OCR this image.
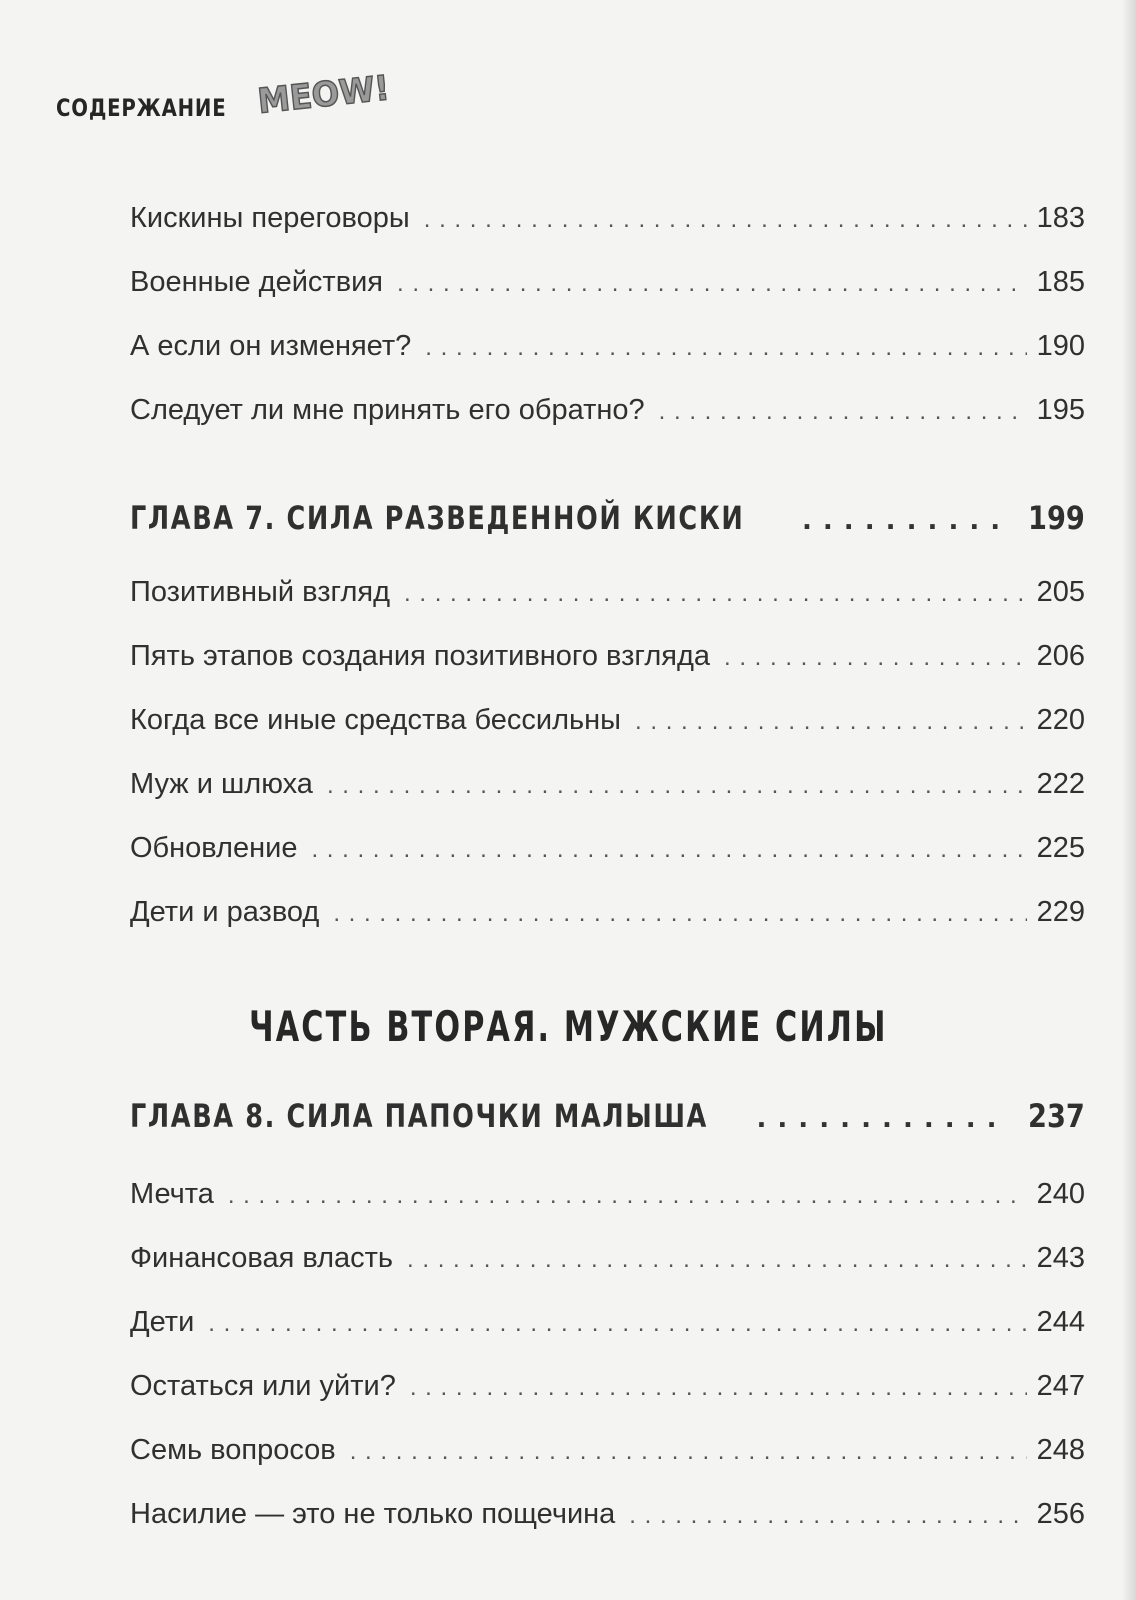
СОДЕРЖАНИЕ MEOW!
Кискины переговоры . . .	183
Военные действия . . .	185
А если он изменяет? . . .	190
Следует ли мне принять его обратно? . . .	195
ГЛАВА 7. СИЛА РАЗВЕДЕННОЙ КИСКИ . . .	199
Позитивный взгляд . . .	205
Пять этапов создания позитивного взгляда . . .	206
Когда все иные средства бессильны . . .	220
Муж и шлюха . . .	222
Обновление . . .	225
Дети и развод . . .	229
ГЛАВА 8. СИЛА ПАПОЧКИ МАЛЫША . . .	237
Мечта . . .	240
Финансовая власть . . .	243
Дети . . .	244
Остаться или уйти? . . .	247
Семь вопросов . . .	248
Насилие — это не только пощечина . . .	256
ЧАСТЬ ВТОРАЯ. МУЖСКИЕ СИЛЫ
